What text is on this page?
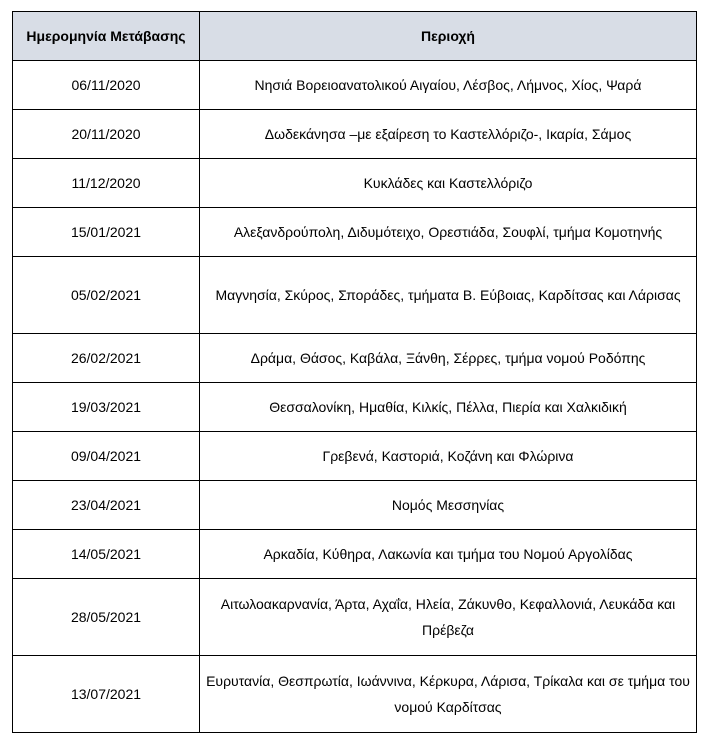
Ημερομηνία Μετάβασης	Περιοχή
06/11/2020	Νησιά Βορειοανατολικού Αιγαίου, Λέσβος, Λήμνος, Χίος, Ψαρά
20/11/2020	Δωδεκάνησα –με εξαίρεση το Καστελλόριζο-, Ικαρία, Σάμος
11/12/2020	Κυκλάδες και Καστελλόριζο
15/01/2021	Αλεξανδρούπολη, Διδυμότειχο, Ορεστιάδα, Σουφλί, τμήμα Κομοτηνής
05/02/2021	Μαγνησία, Σκύρος, Σποράδες, τμήματα Β. Εύβοιας, Καρδίτσας και Λάρισας
26/02/2021	Δράμα, Θάσος, Καβάλα, Ξάνθη, Σέρρες, τμήμα νομού Ροδόπης
19/03/2021	Θεσσαλονίκη, Ημαθία, Κιλκίς, Πέλλα, Πιερία και Χαλκιδική
09/04/2021	Γρεβενά, Καστοριά, Κοζάνη και Φλώρινα
23/04/2021	Νομός Μεσσηνίας
14/05/2021	Αρκαδία, Κύθηρα, Λακωνία και τμήμα του Νομού Αργολίδας
28/05/2021	Αιτωλοακαρνανία, Άρτα, Αχαΐα, Ηλεία, Ζάκυνθο, Κεφαλλονιά, Λευκάδα και Πρέβεζα
13/07/2021	Ευρυτανία, Θεσπρωτία, Ιωάννινα, Κέρκυρα, Λάρισα, Τρίκαλα και σε τμήμα του νομού Καρδίτσας
